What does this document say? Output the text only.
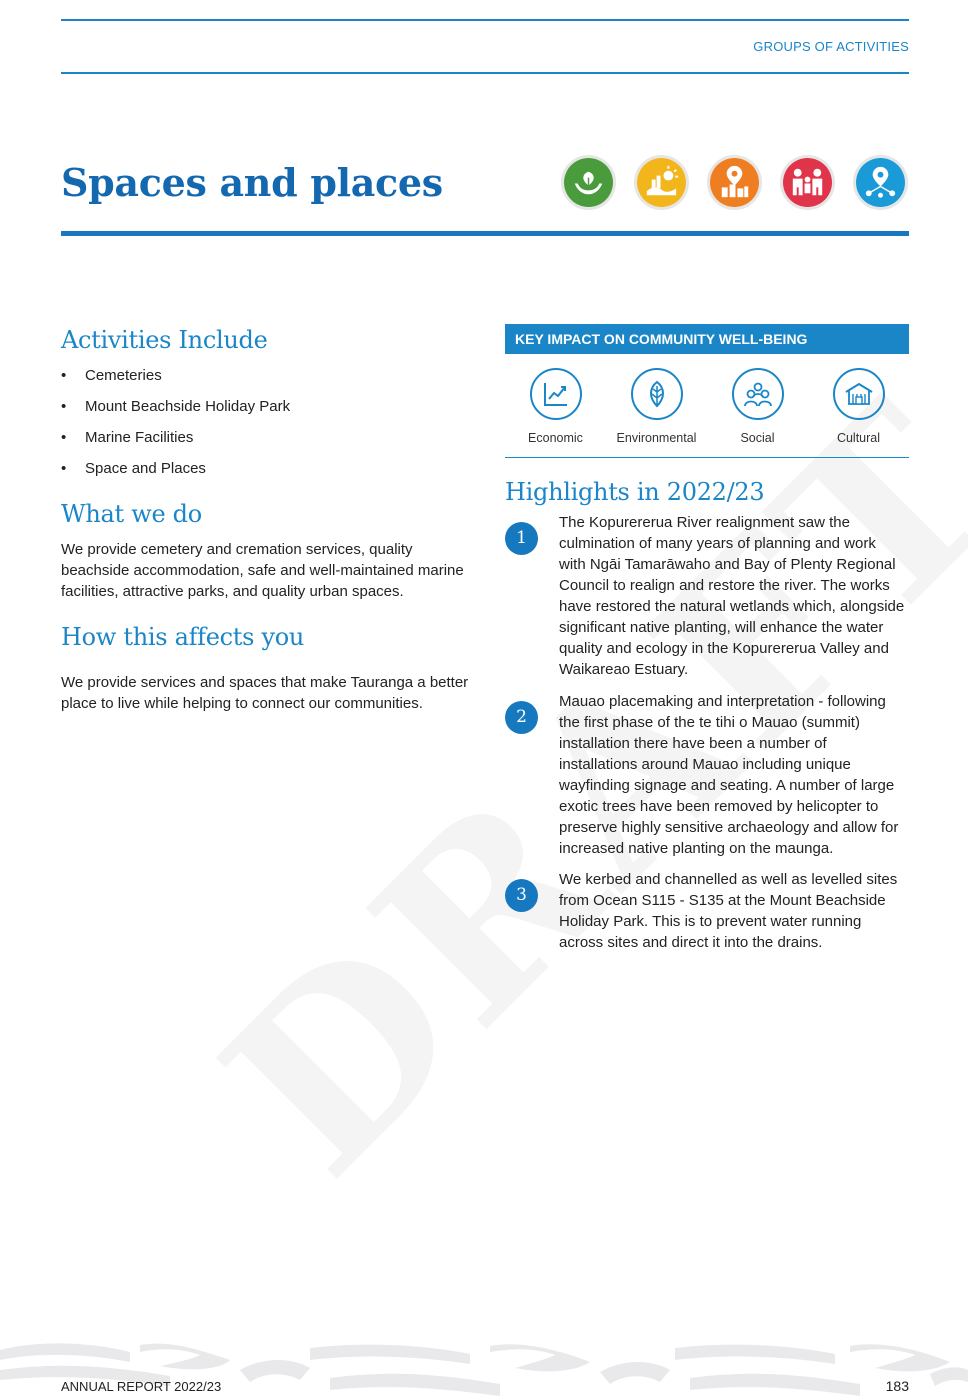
GROUPS OF ACTIVITIES
Spaces and places
Activities Include
• Cemeteries
• Mount Beachside Holiday Park
• Marine Facilities
• Space and Places
What we do

We provide cemetery and cremation services, quality beachside accommodation, safe and well-maintained marine facilities, attractive parks, and quality urban spaces.

How this affects you

We provide services and spaces that make Tauranga a better place to live while helping to connect our communities.

KEY IMPACT ON COMMUNITY WELL-BEING
Economic	Environmental	Social	Cultural
Highlights in 2022/23
1

The Kopurererua River realignment saw the culmination of many years of planning and work with Ngāi Tamarāwaho and Bay of Plenty Regional Council to realign and restore the river. The works have restored the natural wetlands which, alongside significant native planting, will enhance the water quality and ecology in the Kopurererua Valley and Waikareao Estuary.

2

Mauao placemaking and interpretation - following the first phase of the te tihi o Mauao (summit) installation there have been a number of installations around Mauao including unique wayfinding signage and seating. A number of large exotic trees have been removed by helicopter to preserve highly sensitive archaeology and allow for increased native planting on the maunga.

3

We kerbed and channelled as well as levelled sites from Ocean S115 - S135 at the Mount Beachside Holiday Park. This is to prevent water running across sites and direct it into the drains.

ANNUAL REPORT 2022/23	183
